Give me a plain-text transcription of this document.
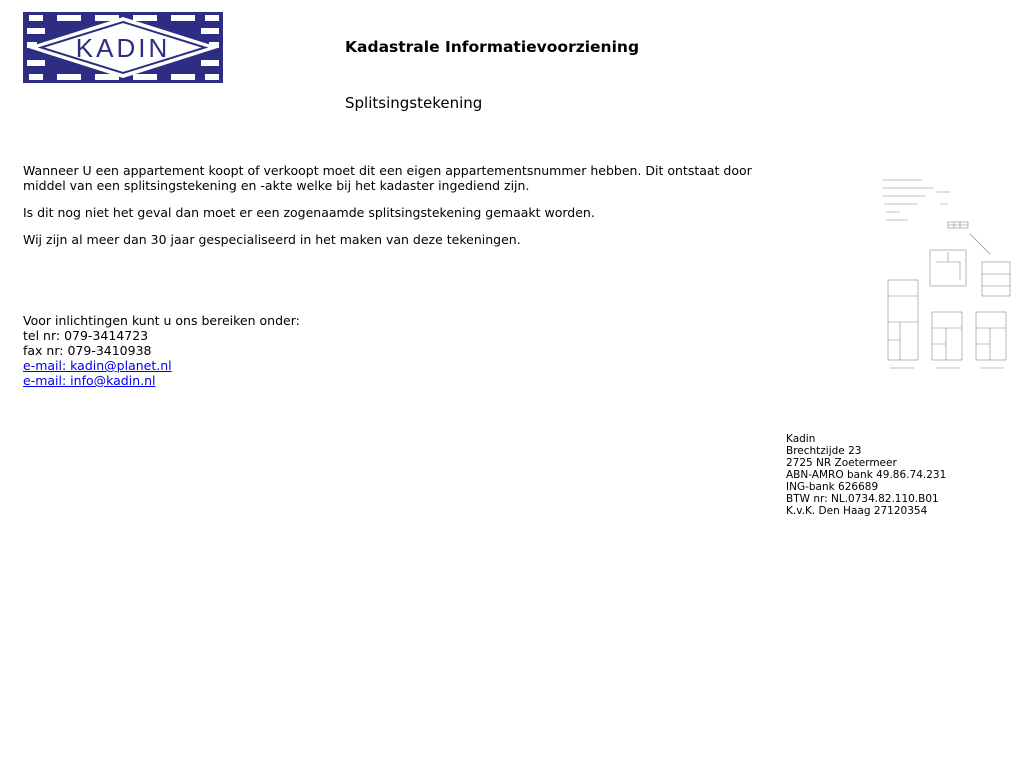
KADIN	Kadastrale Informatievoorziening
Splitsingstekening

Wanneer U een appartement koopt of verkoopt moet dit een eigen appartementsnummer hebben. Dit ontstaat door middel van een splitsingstekening en -akte welke bij het kadaster ingediend zijn.

Is dit nog niet het geval dan moet er een zogenaamde splitsingstekening gemaakt worden.

Wij zijn al meer dan 30 jaar gespecialiseerd in het maken van deze tekeningen.

Voor inlichtingen kunt u ons bereiken onder:
tel nr: 079-3414723
fax nr: 079-3410938
e-mail: kadin@planet.nl
e-mail: info@kadin.nl
Kadin
Brechtzijde 23
2725 NR Zoetermeer
ABN-AMRO bank 49.86.74.231
ING-bank 626689
BTW nr: NL.0734.82.110.B01
K.v.K. Den Haag 27120354
